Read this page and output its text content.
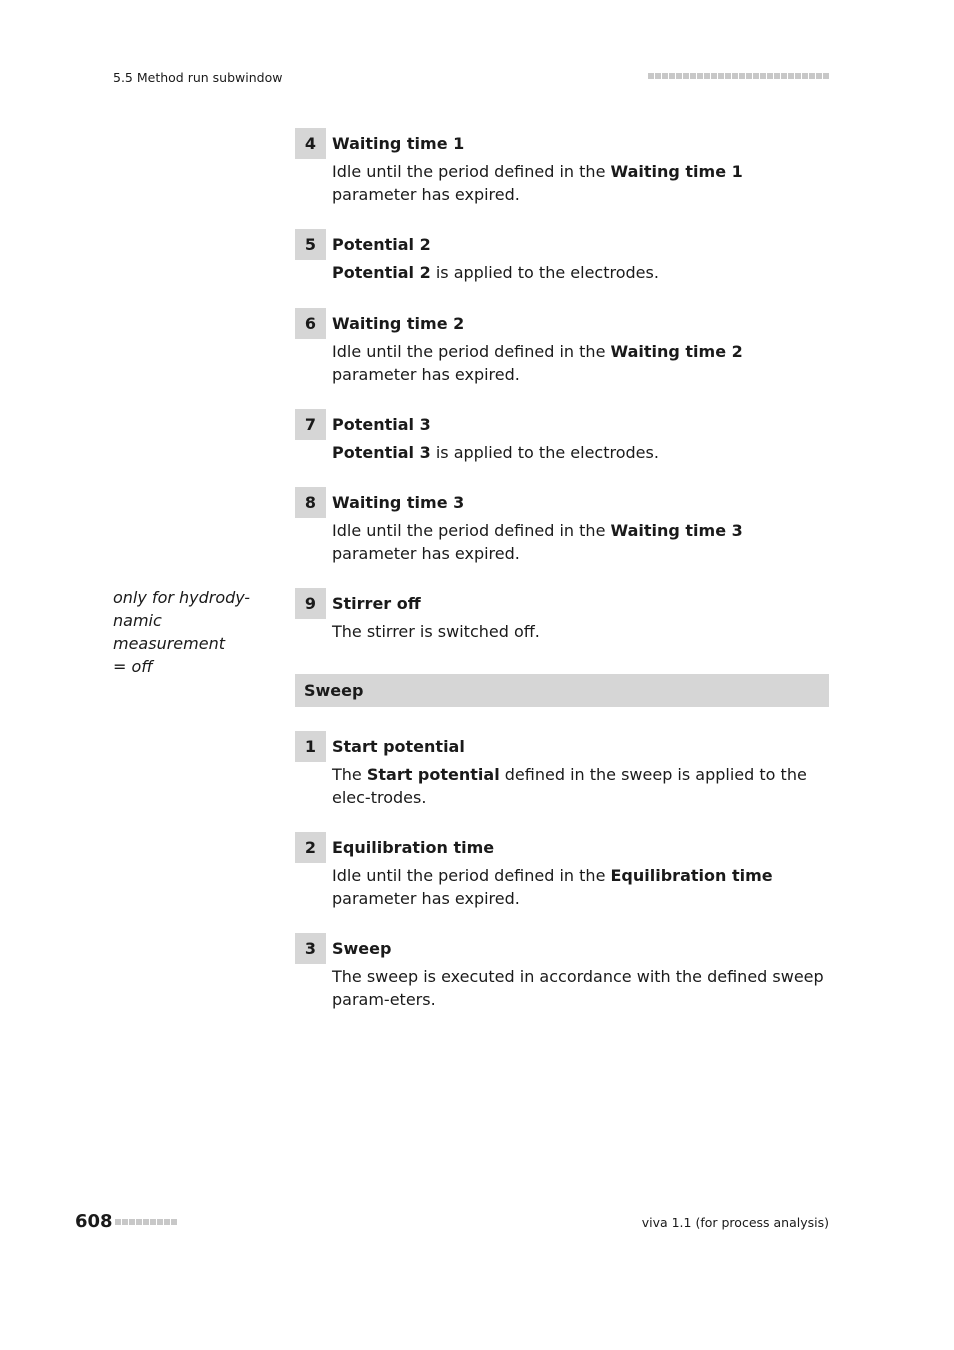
5.5 Method run subwindow
4 Waiting time 1
Idle until the period defined in the Waiting time 1 parameter has expired.
5 Potential 2
Potential 2 is applied to the electrodes.
6 Waiting time 2
Idle until the period defined in the Waiting time 2 parameter has expired.
7 Potential 3
Potential 3 is applied to the electrodes.
8 Waiting time 3
Idle until the period defined in the Waiting time 3 parameter has expired.
only for hydrody-
namic measurement
= off
9 Stirrer off
The stirrer is switched off.
Sweep
1 Start potential
The Start potential defined in the sweep is applied to the elec-trodes.
2 Equilibration time
Idle until the period defined in the Equilibration time parameter has expired.
3 Sweep
The sweep is executed in accordance with the defined sweep param-eters.
608	viva 1.1 (for process analysis)
